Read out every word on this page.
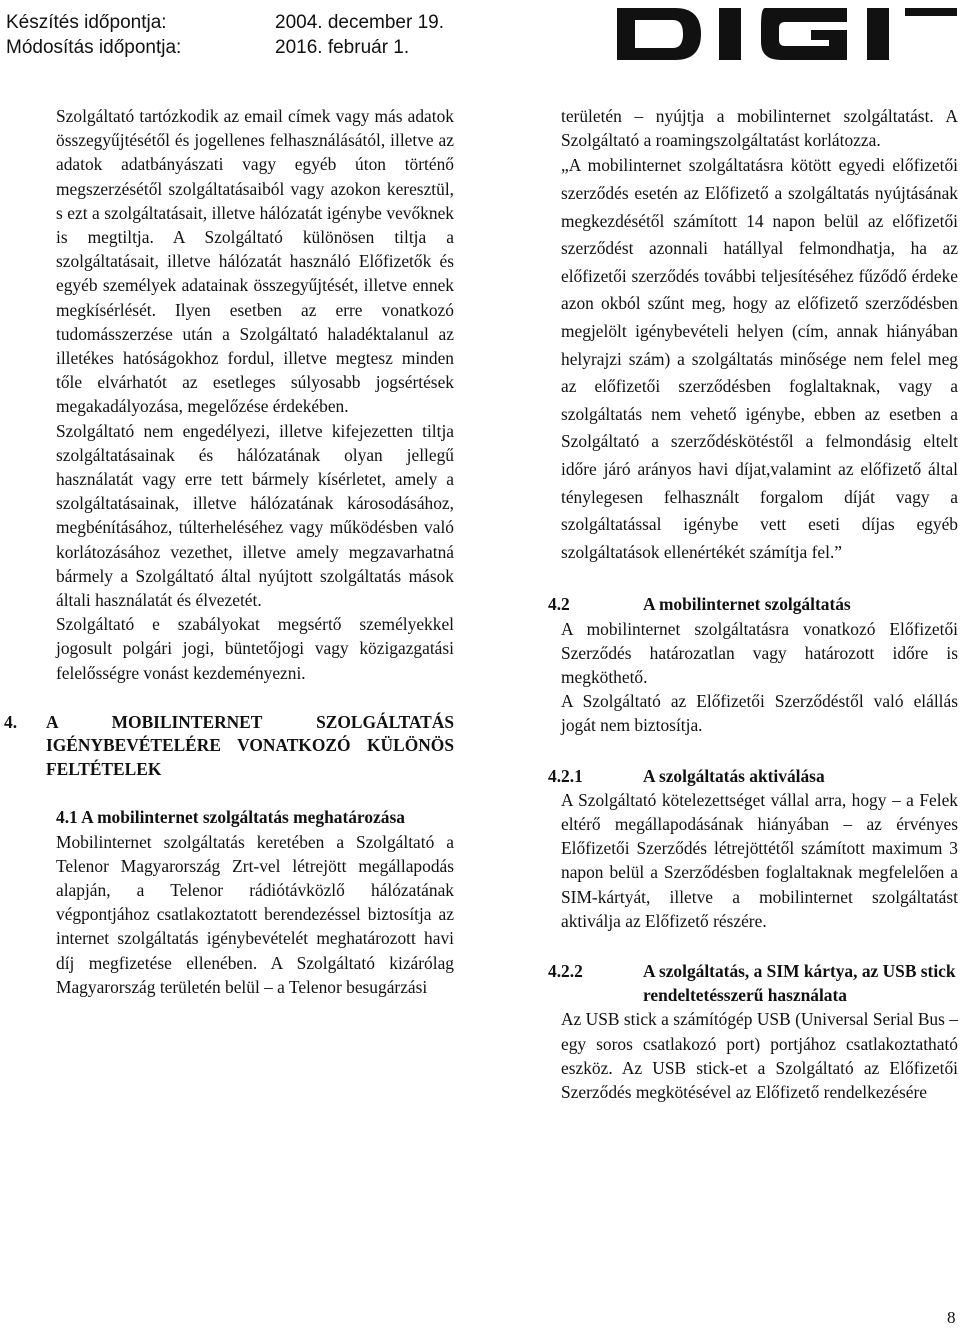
Készítés időpontja:	2004. december 19.
Módosítás időpontja:	2016. február 1.

Szolgáltató tartózkodik az email címek vagy más adatok összegyűjtésétől és jogellenes felhasználásától, illetve az adatok adatbányászati vagy egyéb úton történő megszerzésétől szolgáltatásaiból vagy azokon keresztül, s ezt a szolgáltatásait, illetve hálózatát igénybe vevőknek is megtiltja. A Szolgáltató különösen tiltja a szolgáltatásait, illetve hálózatát használó Előfizetők és egyéb személyek adatainak összegyűjtését, illetve ennek megkísérlését. Ilyen esetben az erre vonatkozó tudomásszerzése után a Szolgáltató haladéktalanul az illetékes hatóságokhoz fordul, illetve megtesz minden tőle elvárhatót az esetleges súlyosabb jogsértések megakadályozása, megelőzése érdekében.

Szolgáltató nem engedélyezi, illetve kifejezetten tiltja szolgáltatásainak és hálózatának olyan jellegű használatát vagy erre tett bármely kísérletet, amely a szolgáltatásainak, illetve hálózatának károsodásához, megbénításához, túlterheléséhez vagy működésben való korlátozásához vezethet, illetve amely megzavarhatná bármely a Szolgáltató által nyújtott szolgáltatás mások általi használatát és élvezetét.

Szolgáltató e szabályokat megsértő személyekkel jogosult polgári jogi, büntetőjogi vagy közigazgatási felelősségre vonást kezdeményezni.

4.	A MOBILINTERNET SZOLGÁLTATÁS IGÉNYBEVÉTELÉRE VONATKOZÓ KÜLÖNÖS FELTÉTELEK

4.1 A mobilinternet szolgáltatás meghatározása

Mobilinternet szolgáltatás keretében a Szolgáltató a Telenor Magyarország Zrt-vel létrejött megállapodás alapján, a Telenor rádiótávközlő hálózatának végpontjához csatlakoztatott berendezéssel biztosítja az internet szolgáltatás igénybevételét meghatározott havi díj megfizetése ellenében. A Szolgáltató kizárólag Magyarország területén belül – a Telenor besugárzási

területén – nyújtja a mobilinternet szolgáltatást. A Szolgáltató a roamingszolgáltatást korlátozza.

„A mobilinternet szolgáltatásra kötött egyedi előfizetői szerződés esetén az Előfizető a szolgáltatás nyújtásának megkezdésétől számított 14 napon belül az előfizetői szerződést azonnali hatállyal felmondhatja, ha az előfizetői szerződés további teljesítéséhez fűződő érdeke azon okból szűnt meg, hogy az előfizető szerződésben megjelölt igénybevételi helyen (cím, annak hiányában helyrajzi szám) a szolgáltatás minősége nem felel meg az előfizetői szerződésben foglaltaknak, vagy a szolgáltatás nem vehető igénybe, ebben az esetben a Szolgáltató a szerződéskötéstől a felmondásig eltelt időre járó arányos havi díjat,valamint az előfizető által ténylegesen felhasznált forgalom díját vagy a szolgáltatással igénybe vett eseti díjas egyéb szolgáltatások ellenértékét számítja fel.”

4.2	A mobilinternet szolgáltatás

A mobilinternet szolgáltatásra vonatkozó Előfizetői Szerződés határozatlan vagy határozott időre is megköthető.

A Szolgáltató az Előfizetői Szerződéstől való elállás jogát nem biztosítja.

4.2.1	A szolgáltatás aktiválása

A Szolgáltató kötelezettséget vállal arra, hogy – a Felek eltérő megállapodásának hiányában – az érvényes Előfizetői Szerződés létrejöttétől számított maximum 3 napon belül a Szerződésben foglaltaknak megfelelően a SIM-kártyát, illetve a mobilinternet szolgáltatást aktiválja az Előfizető részére.

4.2.2	A szolgáltatás, a SIM kártya, az USB stick rendeltetésszerű használata

Az USB stick a számítógép USB (Universal Serial Bus – egy soros csatlakozó port) portjához csatlakoztatható eszköz. Az USB stick-et a Szolgáltató az Előfizetői Szerződés megkötésével az Előfizető rendelkezésére

8
